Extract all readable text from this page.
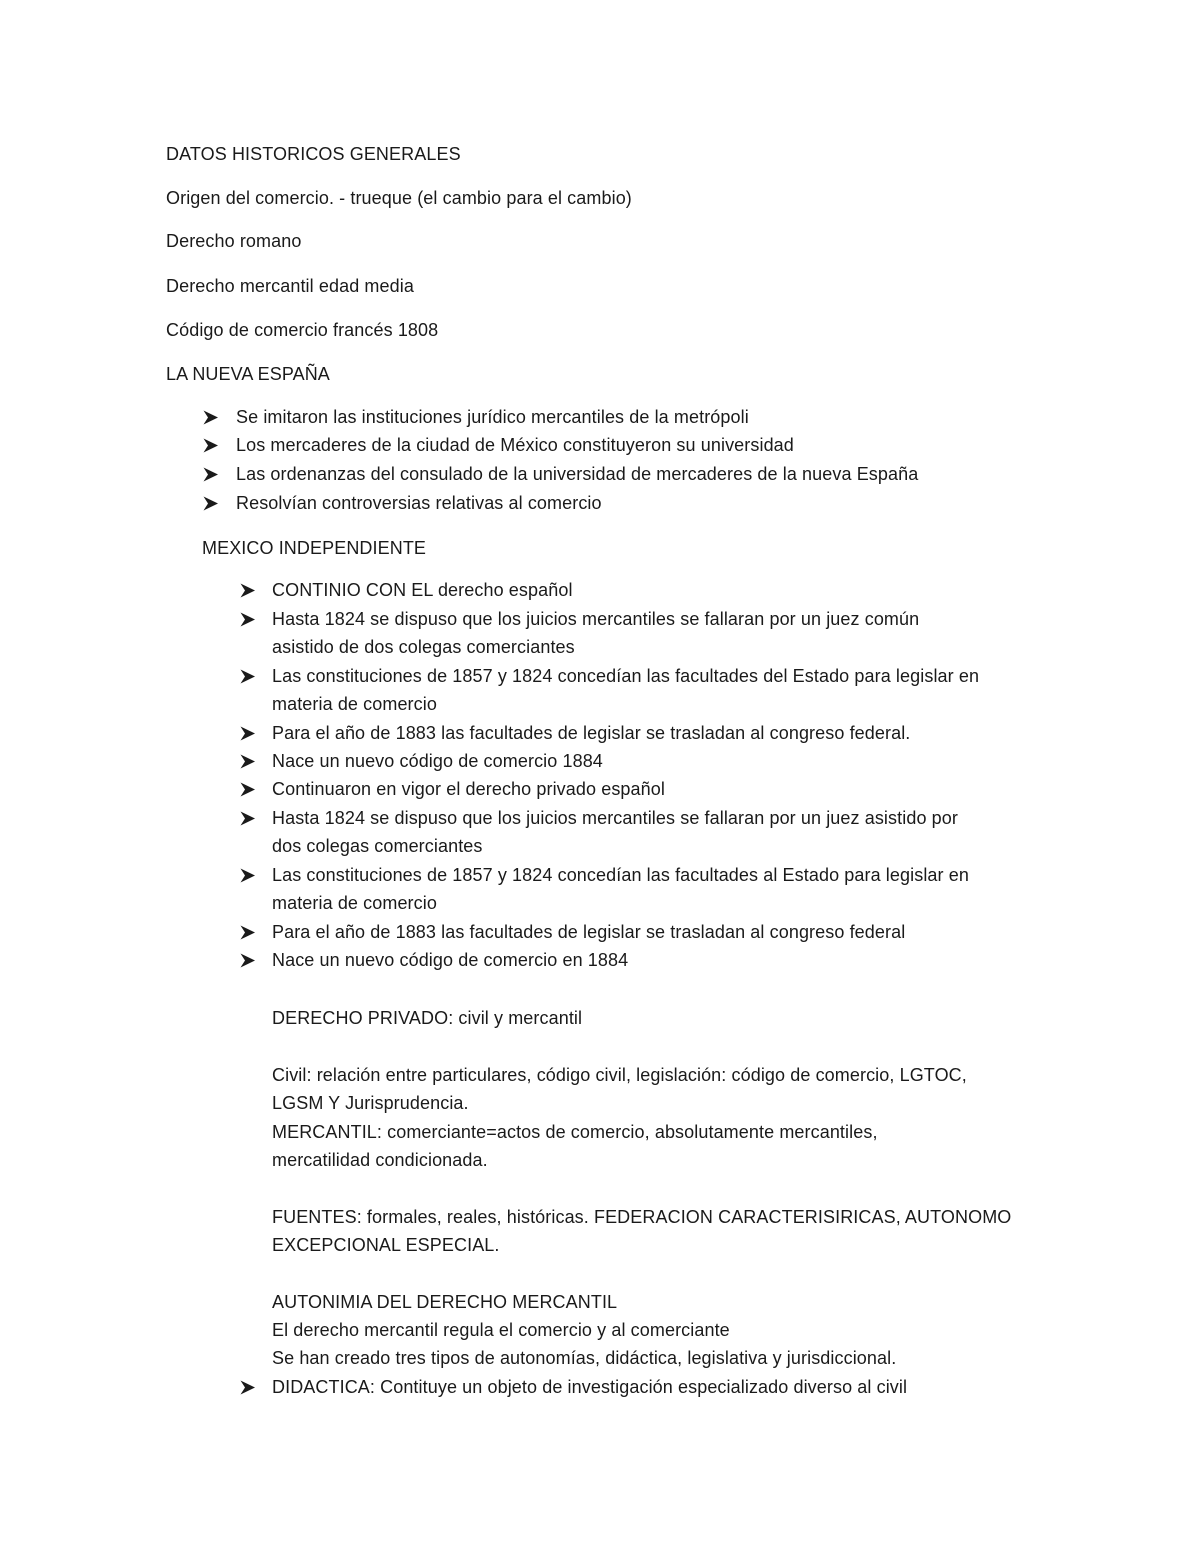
DATOS HISTORICOS GENERALES
Origen del comercio. - trueque (el cambio para el cambio)
Derecho romano
Derecho mercantil edad media
Código de comercio francés 1808
LA NUEVA ESPAÑA
Se imitaron las instituciones jurídico mercantiles de la metrópoli
Los mercaderes de la ciudad de México constituyeron su universidad
Las ordenanzas del consulado de la universidad de mercaderes de la nueva España
Resolvían controversias relativas al comercio
MEXICO INDEPENDIENTE
CONTINIO CON EL derecho español
Hasta 1824 se dispuso que los juicios mercantiles se fallaran por un juez común
asistido de dos colegas comerciantes
Las constituciones de 1857 y 1824 concedían las facultades del Estado para legislar en
materia de comercio
Para el año de 1883 las facultades de legislar se trasladan al congreso federal.
Nace un nuevo código de comercio 1884
Continuaron en vigor el derecho privado español
Hasta 1824 se dispuso que los juicios mercantiles se fallaran por un juez asistido por
dos colegas comerciantes
Las constituciones de 1857 y 1824 concedían las facultades al Estado para legislar en
materia de comercio
Para el año de 1883 las facultades de legislar se trasladan al congreso federal
Nace un nuevo código de comercio en 1884
DERECHO PRIVADO: civil y mercantil
Civil: relación entre particulares, código civil, legislación: código de comercio, LGTOC,
LGSM Y Jurisprudencia.
MERCANTIL: comerciante=actos de comercio, absolutamente mercantiles,
mercatilidad condicionada.
FUENTES: formales, reales, históricas. FEDERACION CARACTERISIRICAS, AUTONOMO
EXCEPCIONAL ESPECIAL.
AUTONIMIA DEL DERECHO MERCANTIL
El derecho mercantil regula el comercio y al comerciante
Se han creado tres tipos de autonomías, didáctica, legislativa y jurisdiccional.
DIDACTICA: Contituye un objeto de investigación especializado diverso al civil
